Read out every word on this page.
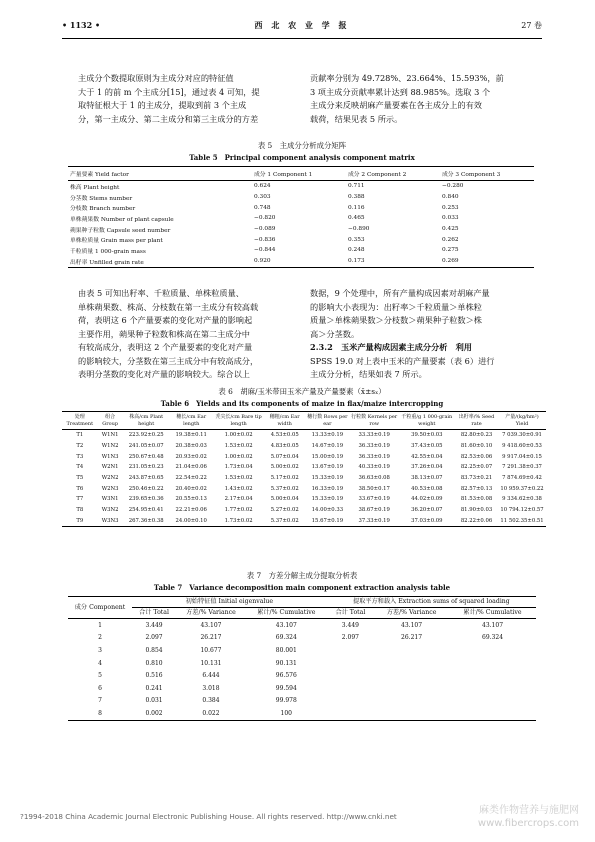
• 1132 •	西 北 农 业 学 报	27 卷
主成分个数提取原则为主成分对应的特征值
大于 1 的前 m 个主成分[15]，通过表 4 可知，提
取特征根大于 1 的主成分，提取到前 3 个主成
分，第一主成分、第二主成分和第三主成分的方差
贡献率分别为 49.728%、23.664%、15.593%，前
3 项主成分贡献率累计达到 88.985%。选取 3 个
主成分来反映胡麻产量要素在各主成分上的有效
载荷，结果见表 5 所示。
表 5　主成分分析成分矩阵
Table 5　Principal component analysis component matrix
产量要素 Yield factor	成分 1 Component 1	成分 2 Component 2	成分 3 Component 3
株高 Plant height	0.624	0.711	−0.280
分茎数 Stems number	0.303	0.388	0.840
分枝数 Branch number	0.748	0.116	0.253
单株蒴果数 Number of plant capsule	−0.820	0.465	0.033
蒴果种子粒数 Capsule seed number	−0.089	−0.890	0.425
单株粒质量 Grain mass per plant	−0.836	0.353	0.262
千粒质量 1 000-grain mass	−0.844	0.248	0.275
出籽率 Unfilled grain rate	0.920	0.173	0.269
由表 5 可知出籽率、千粒质量、单株粒质量、
单株蒴果数、株高、分枝数在第一主成分有较高载
荷，表明这 6 个产量要素的变化对产量的影响起
主要作用，蒴果种子粒数和株高在第二主成分中
有较高成分，表明这 2 个产量要素的变化对产量
的影响较大，分茎数在第三主成分中有较高成分，
表明分茎数的变化对产量的影响较大。综合以上
数据，9 个处理中，所有产量构成因素对胡麻产量
的影响大小表现为：出籽率＞千粒质量＞单株粒
质量＞单株蒴果数＞分枝数＞蒴果种子粒数＞株
高＞分茎数。
2.3.2　玉米产量构成因素主成分分析　利用
SPSS 19.0 对上表中玉米的产量要素（表 6）进行
主成分分析，结果如表 7 所示。
表 6　胡麻/玉米带田玉米产量及产量要素（x̄±sₓ）
Table 6　Yields and its components of maize in flax/maize intercropping
处理 Treatment	组合 Group	株高/cm Plant height	穗长/cm Ear length	秃尖长/cm Bare tip length	穗粗/cm Ear width	穗行数 Rows per ear	行粒数 Kernels per row	千粒重/g 1 000-grain weight	出籽率/% Seed rate	产量/(kg/hm²) Yield
T1	W1N1	223.92±0.25	19.38±0.11	1.00±0.02	4.53±0.05	13.33±0.19	33.33±0.19	39.50±0.03	82.80±0.23	7 039.30±0.91
T2	W1N2	241.05±0.07	20.38±0.03	1.53±0.02	4.83±0.05	14.67±0.19	36.33±0.19	37.43±0.05	81.60±0.10	9 418.60±0.53
T3	W1N3	250.67±0.48	20.93±0.02	1.00±0.02	5.07±0.04	15.00±0.19	36.33±0.19	42.55±0.04	82.53±0.06	9 917.04±0.15
T4	W2N1	231.05±0.23	21.04±0.06	1.73±0.04	5.00±0.02	13.67±0.19	40.33±0.19	37.26±0.04	82.25±0.07	7 291.38±0.37
T5	W2N2	243.87±0.65	22.54±0.22	1.53±0.02	5.17±0.02	15.33±0.19	36.63±0.08	38.13±0.07	83.73±0.21	7 874.69±0.42
T6	W2N3	250.46±0.22	20.40±0.02	1.43±0.02	5.37±0.02	16.33±0.19	38.50±0.17	40.53±0.08	82.57±0.13	10 959.37±0.22
T7	W3N1	239.65±0.36	20.55±0.13	2.17±0.04	5.00±0.04	15.33±0.19	33.67±0.19	44.02±0.09	81.53±0.08	9 334.62±0.38
T8	W3N2	254.95±0.41	22.21±0.06	1.77±0.02	5.27±0.02	14.00±0.33	38.67±0.19	36.20±0.07	81.90±0.03	10 794.12±0.57
T9	W3N3	267.36±0.38	24.00±0.10	1.73±0.02	5.37±0.02	15.67±0.19	37.33±0.19	37.03±0.09	82.22±0.06	11 502.35±0.51
表 7　方差分解主成分提取分析表
Table 7　Variance decomposition main component extraction analysis table
成分 Component	初始特征值 Initial eigenvalue			提取平方和载入 Extraction sums of squared loading		
	合计 Total	方差/% Variance	累计/% Cumulative	合计 Total	方差/% Variance	累计/% Cumulative
1	3.449	43.107	43.107	3.449	43.107	43.107
2	2.097	26.217	69.324	2.097	26.217	69.324
3	0.854	10.677	80.001			
4	0.810	10.131	90.131			
5	0.516	6.444	96.576			
6	0.241	3.018	99.594			
7	0.031	0.384	99.978			
8	0.002	0.022	100			
?1994-2018 China Academic Journal Electronic Publishing House. All rights reserved. http://www.cnki.net
麻类作物营养与施肥网
www.fibercrops.com
